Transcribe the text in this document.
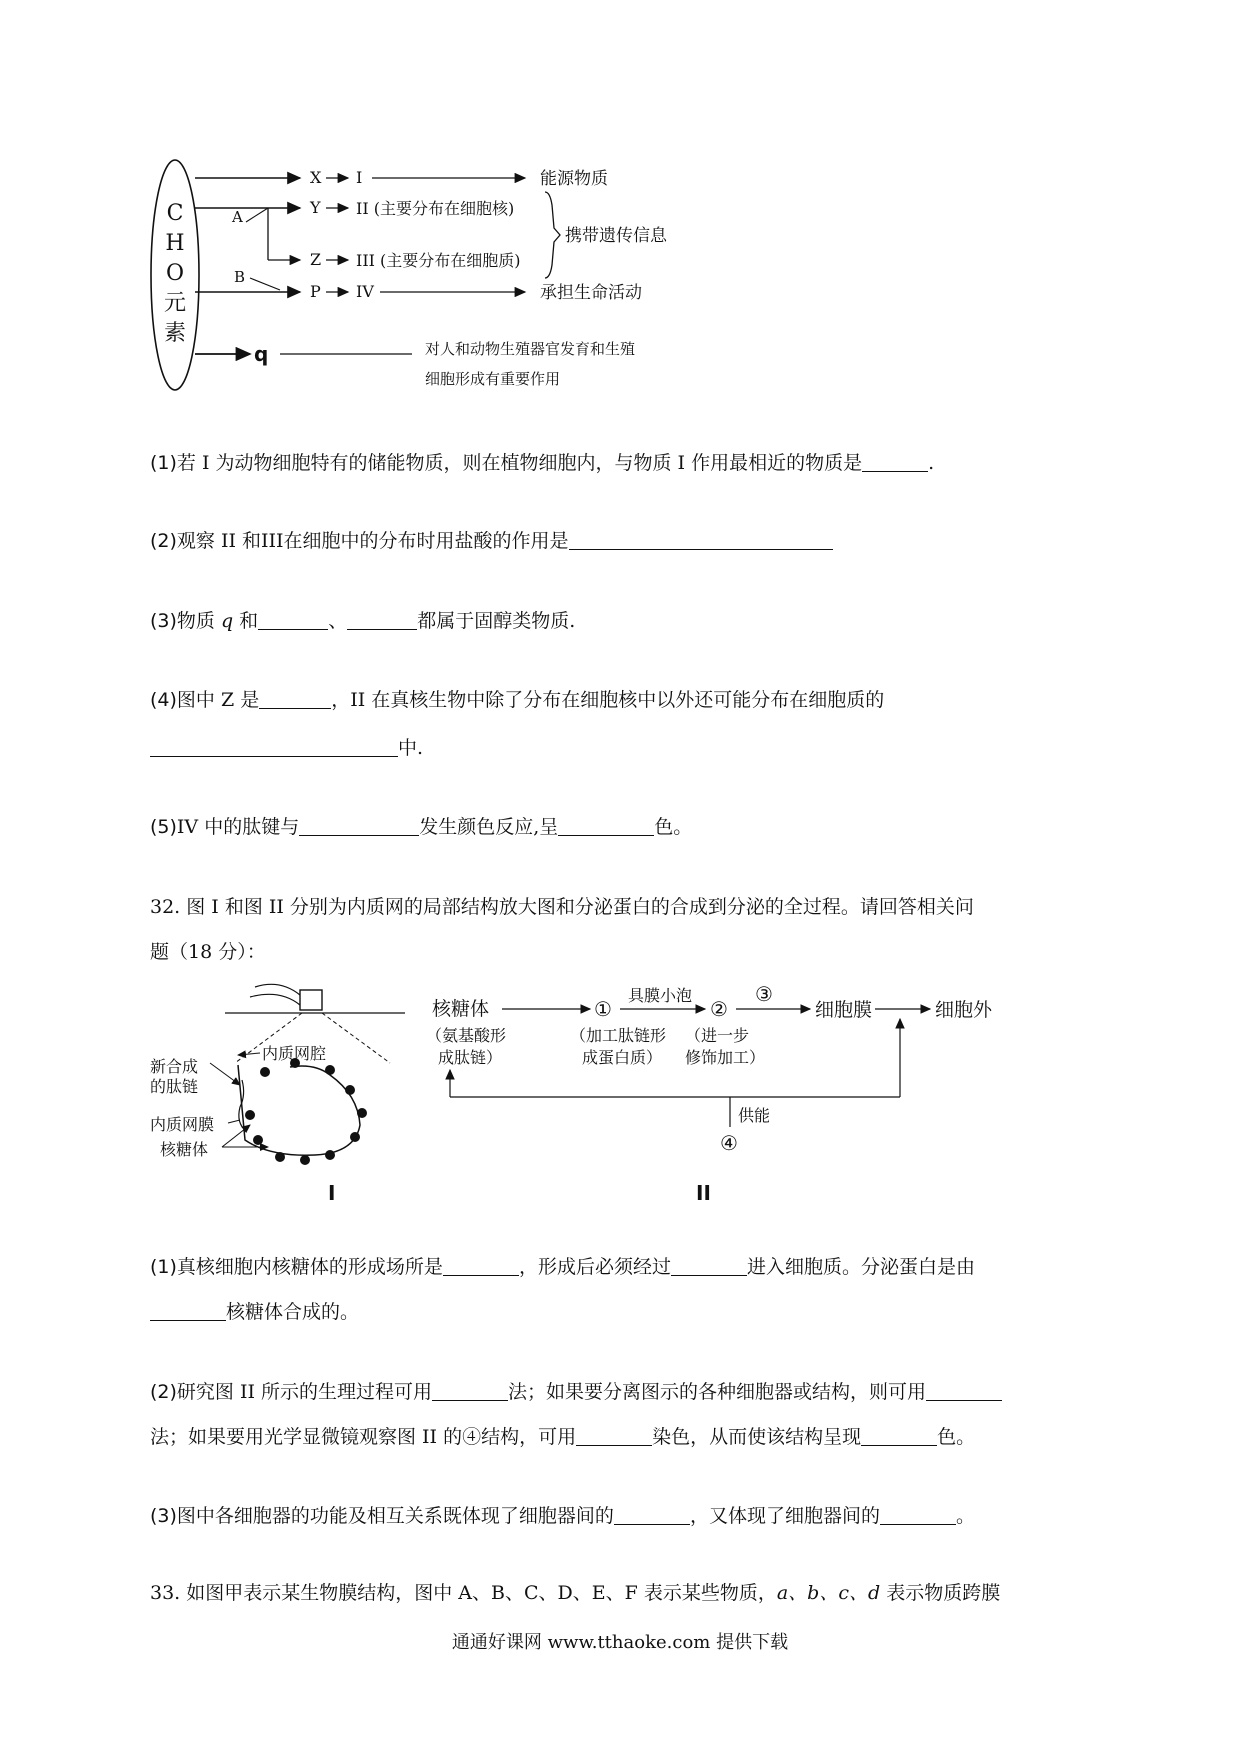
C
H
O
元
素
X I	能源物质
Y II (主要分布在细胞核)
A
Z III (主要分布在细胞质)
携带遗传信息
B
P IV	承担生命活动
q	对人和动物生殖器官发育和生殖
细胞形成有重要作用
(1)若 I 为动物细胞特有的储能物质，则在植物细胞内，与物质 I 作用最相近的物质是	.
(2)观察 II 和III在细胞中的分布时用盐酸的作用是
(3)物质 q 和	、	都属于固醇类物质.
(4)图中 Z 是	，II 在真核生物中除了分布在细胞核中以外还可能分布在细胞质的
中.
(5)IV 中的肽键与	发生颜色反应,呈	色。
32. 图 I 和图 II 分别为内质网的局部结构放大图和分泌蛋白的合成到分泌的全过程。请回答相关问
题（18 分）：
新合成
的肽链
内质网腔
内质网膜
核糖体
I
核糖体
（氨基酸形
成肽链）
①
具膜小泡
②
③
细胞膜	细胞外
（加工肽链形
成蛋白质）
（进一步
修饰加工）
供能
④
II
(1)真核细胞内核糖体的形成场所是	，形成后必须经过	进入细胞质。分泌蛋白是由
核糖体合成的。
(2)研究图 II 所示的生理过程可用	法；如果要分离图示的各种细胞器或结构，则可用
法；如果要用光学显微镜观察图 II 的④结构，可用	染色，从而使该结构呈现	色。
(3)图中各细胞器的功能及相互关系既体现了细胞器间的	，又体现了细胞器间的	。
33. 如图甲表示某生物膜结构，图中 A、B、C、D、E、F 表示某些物质，a、b、c、d 表示物质跨膜
通通好课网 www.tthaoke.com 提供下载
